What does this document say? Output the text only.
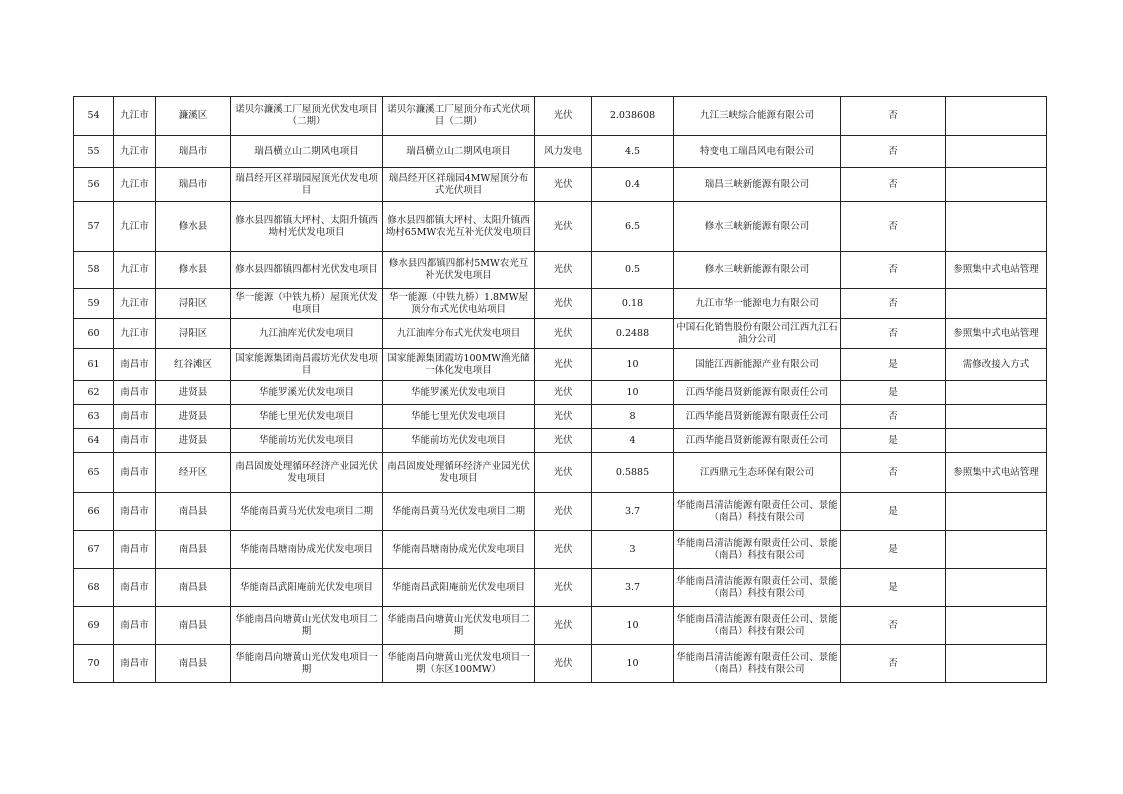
54	九江市	濂溪区	诺贝尔濂溪工厂屋顶光伏发电项目（二期）	诺贝尔濂溪工厂屋顶分布式光伏项目（二期）	光伏	2.038608	九江三峡综合能源有限公司	否	
55	九江市	瑞昌市	瑞昌横立山二期风电项目	瑞昌横立山二期风电项目	风力发电	4.5	特变电工瑞昌风电有限公司	否	
56	九江市	瑞昌市	瑞昌经开区祥瑞园屋顶光伏发电项目	瑞昌经开区祥瑞园4MW屋顶分布式光伏项目	光伏	0.4	瑞昌三峡新能源有限公司	否	
57	九江市	修水县	修水县四都镇大坪村、太阳升镇西坳村光伏发电项目	修水县四都镇大坪村、太阳升镇西坳村65MW农光互补光伏发电项目	光伏	6.5	修水三峡新能源有限公司	否	
58	九江市	修水县	修水县四都镇四都村光伏发电项目	修水县四都镇四都村5MW农光互补光伏发电项目	光伏	0.5	修水三峡新能源有限公司	否	参照集中式电站管理
59	九江市	浔阳区	华一能源（中铁九桥）屋顶光伏发电项目	华一能源（中铁九桥）1.8MW屋顶分布式光伏电站项目	光伏	0.18	九江市华一能源电力有限公司	否	
60	九江市	浔阳区	九江油库光伏发电项目	九江油库分布式光伏发电项目	光伏	0.2488	中国石化销售股份有限公司江西九江石油分公司	否	参照集中式电站管理
61	南昌市	红谷滩区	国家能源集团南昌霞坊光伏发电项目	国家能源集团霞坊100MW渔光储一体化发电项目	光伏	10	国能江西新能源产业有限公司	是	需修改接入方式
62	南昌市	进贤县	华能罗溪光伏发电项目	华能罗溪光伏发电项目	光伏	10	江西华能昌贤新能源有限责任公司	是	
63	南昌市	进贤县	华能七里光伏发电项目	华能七里光伏发电项目	光伏	8	江西华能昌贤新能源有限责任公司	否	
64	南昌市	进贤县	华能前坊光伏发电项目	华能前坊光伏发电项目	光伏	4	江西华能昌贤新能源有限责任公司	是	
65	南昌市	经开区	南昌固废处理循环经济产业园光伏发电项目	南昌固废处理循环经济产业园光伏发电项目	光伏	0.5885	江西鼎元生态环保有限公司	否	参照集中式电站管理
66	南昌市	南昌县	华能南昌黄马光伏发电项目二期	华能南昌黄马光伏发电项目二期	光伏	3.7	华能南昌清洁能源有限责任公司、景能（南昌）科技有限公司	是	
67	南昌市	南昌县	华能南昌塘南协成光伏发电项目	华能南昌塘南协成光伏发电项目	光伏	3	华能南昌清洁能源有限责任公司、景能（南昌）科技有限公司	是	
68	南昌市	南昌县	华能南昌武阳庵前光伏发电项目	华能南昌武阳庵前光伏发电项目	光伏	3.7	华能南昌清洁能源有限责任公司、景能（南昌）科技有限公司	是	
69	南昌市	南昌县	华能南昌向塘黄山光伏发电项目二期	华能南昌向塘黄山光伏发电项目二期	光伏	10	华能南昌清洁能源有限责任公司、景能（南昌）科技有限公司	否	
70	南昌市	南昌县	华能南昌向塘黄山光伏发电项目一期	华能南昌向塘黄山光伏发电项目一期（东区100MW）	光伏	10	华能南昌清洁能源有限责任公司、景能（南昌）科技有限公司	否	
